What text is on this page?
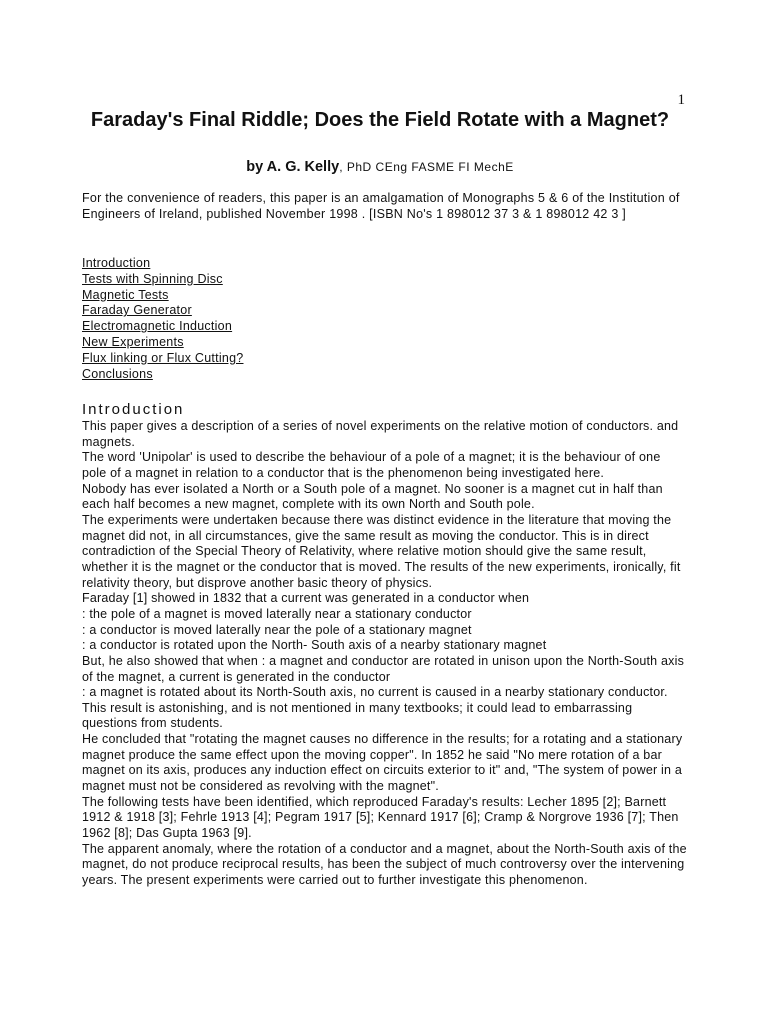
1
Faraday's Final Riddle; Does the Field Rotate with a Magnet?
by A. G. Kelly, PhD CEng FASME FI MechE

For the convenience of readers, this paper is an amalgamation of Monographs 5 & 6 of the Institution of Engineers of Ireland, published November 1998 . [ISBN No's 1 898012 37 3 & 1 898012 42 3 ]

Introduction
Tests with Spinning Disc
Magnetic Tests
Faraday Generator
Electromagnetic Induction
New Experiments
Flux linking or Flux Cutting?
Conclusions
Introduction

This paper gives a description of a series of novel experiments on the relative motion of conductors. and magnets.

The word 'Unipolar' is used to describe the behaviour of a pole of a magnet; it is the behaviour of one pole of a magnet in relation to a conductor that is the phenomenon being investigated here.

Nobody has ever isolated a North or a South pole of a magnet. No sooner is a magnet cut in half than each half becomes a new magnet, complete with its own North and South pole.

The experiments were undertaken because there was distinct evidence in the literature that moving the magnet did not, in all circumstances, give the same result as moving the conductor. This is in direct contradiction of the Special Theory of Relativity, where relative motion should give the same result, whether it is the magnet or the conductor that is moved. The results of the new experiments, ironically, fit relativity theory, but disprove another basic theory of physics.

Faraday [1] showed in 1832 that a current was generated in a conductor when

: the pole of a magnet is moved laterally near a stationary conductor

: a conductor is moved laterally near the pole of a stationary magnet

: a conductor is rotated upon the North- South axis of a nearby stationary magnet

But, he also showed that when : a magnet and conductor are rotated in unison upon the North-South axis of the magnet, a current is generated in the conductor

: a magnet is rotated about its North-South axis, no current is caused in a nearby stationary conductor. This result is astonishing, and is not mentioned in many textbooks; it could lead to embarrassing questions from students.

He concluded that "rotating the magnet causes no difference in the results; for a rotating and a stationary magnet produce the same effect upon the moving copper". In 1852 he said "No mere rotation of a bar magnet on its axis, produces any induction effect on circuits exterior to it" and, "The system of power in a magnet must not be considered as revolving with the magnet".

The following tests have been identified, which reproduced Faraday's results: Lecher 1895 [2]; Barnett 1912 & 1918 [3]; Fehrle 1913 [4]; Pegram 1917 [5]; Kennard 1917 [6]; Cramp & Norgrove 1936 [7]; Then 1962 [8]; Das Gupta 1963 [9].

The apparent anomaly, where the rotation of a conductor and a magnet, about the North-South axis of the magnet, do not produce reciprocal results, has been the subject of much controversy over the intervening years. The present experiments were carried out to further investigate this phenomenon.
